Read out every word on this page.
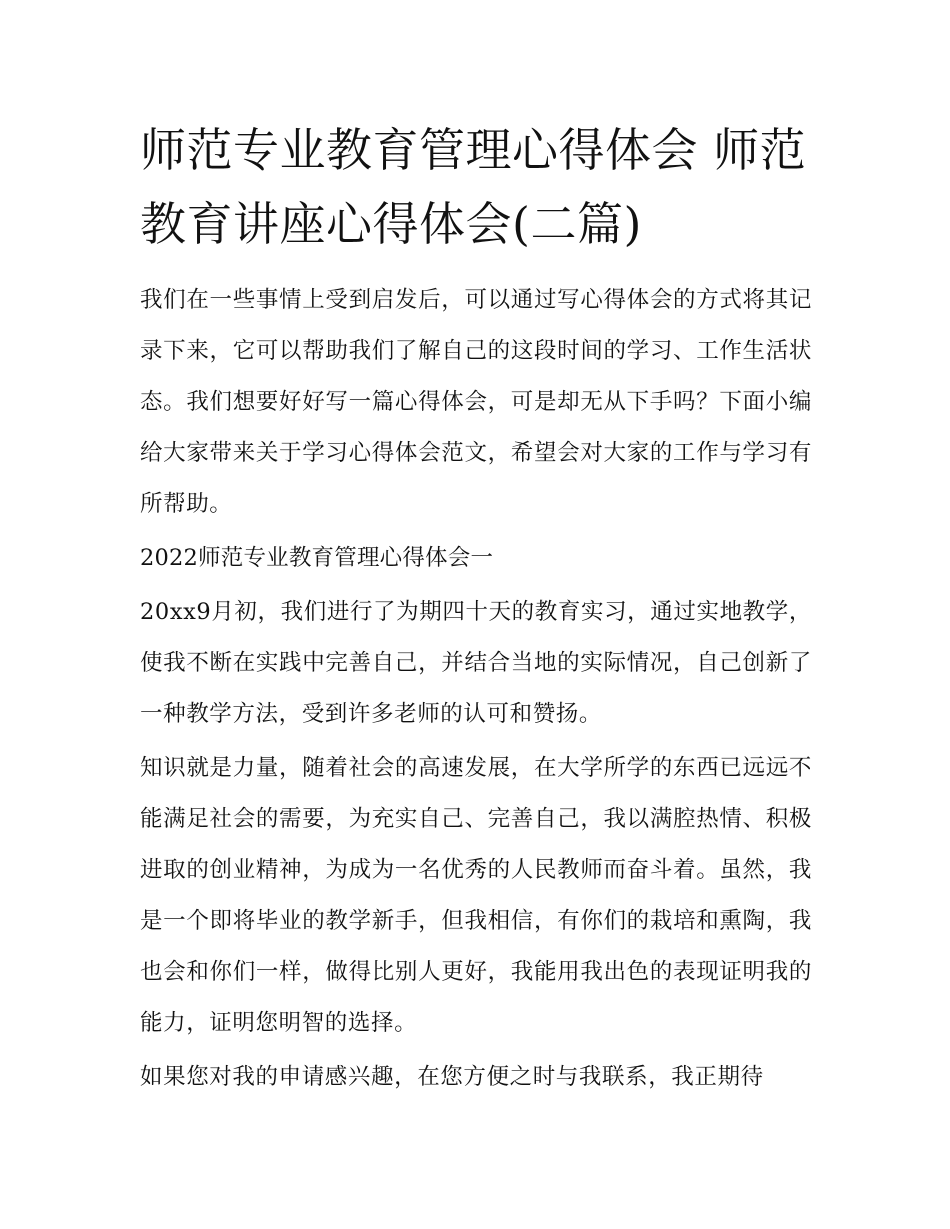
师范专业教育管理心得体会 师范教育讲座心得体会(二篇)

我们在一些事情上受到启发后，可以通过写心得体会的方式将其记录下来，它可以帮助我们了解自己的这段时间的学习、工作生活状态。我们想要好好写一篇心得体会，可是却无从下手吗？下面小编给大家带来关于学习心得体会范文，希望会对大家的工作与学习有所帮助。

2022师范专业教育管理心得体会一

20xx9月初，我们进行了为期四十天的教育实习，通过实地教学，使我不断在实践中完善自己，并结合当地的实际情况，自己创新了一种教学方法，受到许多老师的认可和赞扬。

知识就是力量，随着社会的高速发展，在大学所学的东西已远远不能满足社会的需要，为充实自己、完善自己，我以满腔热情、积极进取的创业精神，为成为一名优秀的人民教师而奋斗着。虽然，我是一个即将毕业的教学新手，但我相信，有你们的栽培和熏陶，我也会和你们一样，做得比别人更好，我能用我出色的表现证明我的能力，证明您明智的选择。

如果您对我的申请感兴趣，在您方便之时与我联系，我正期待
